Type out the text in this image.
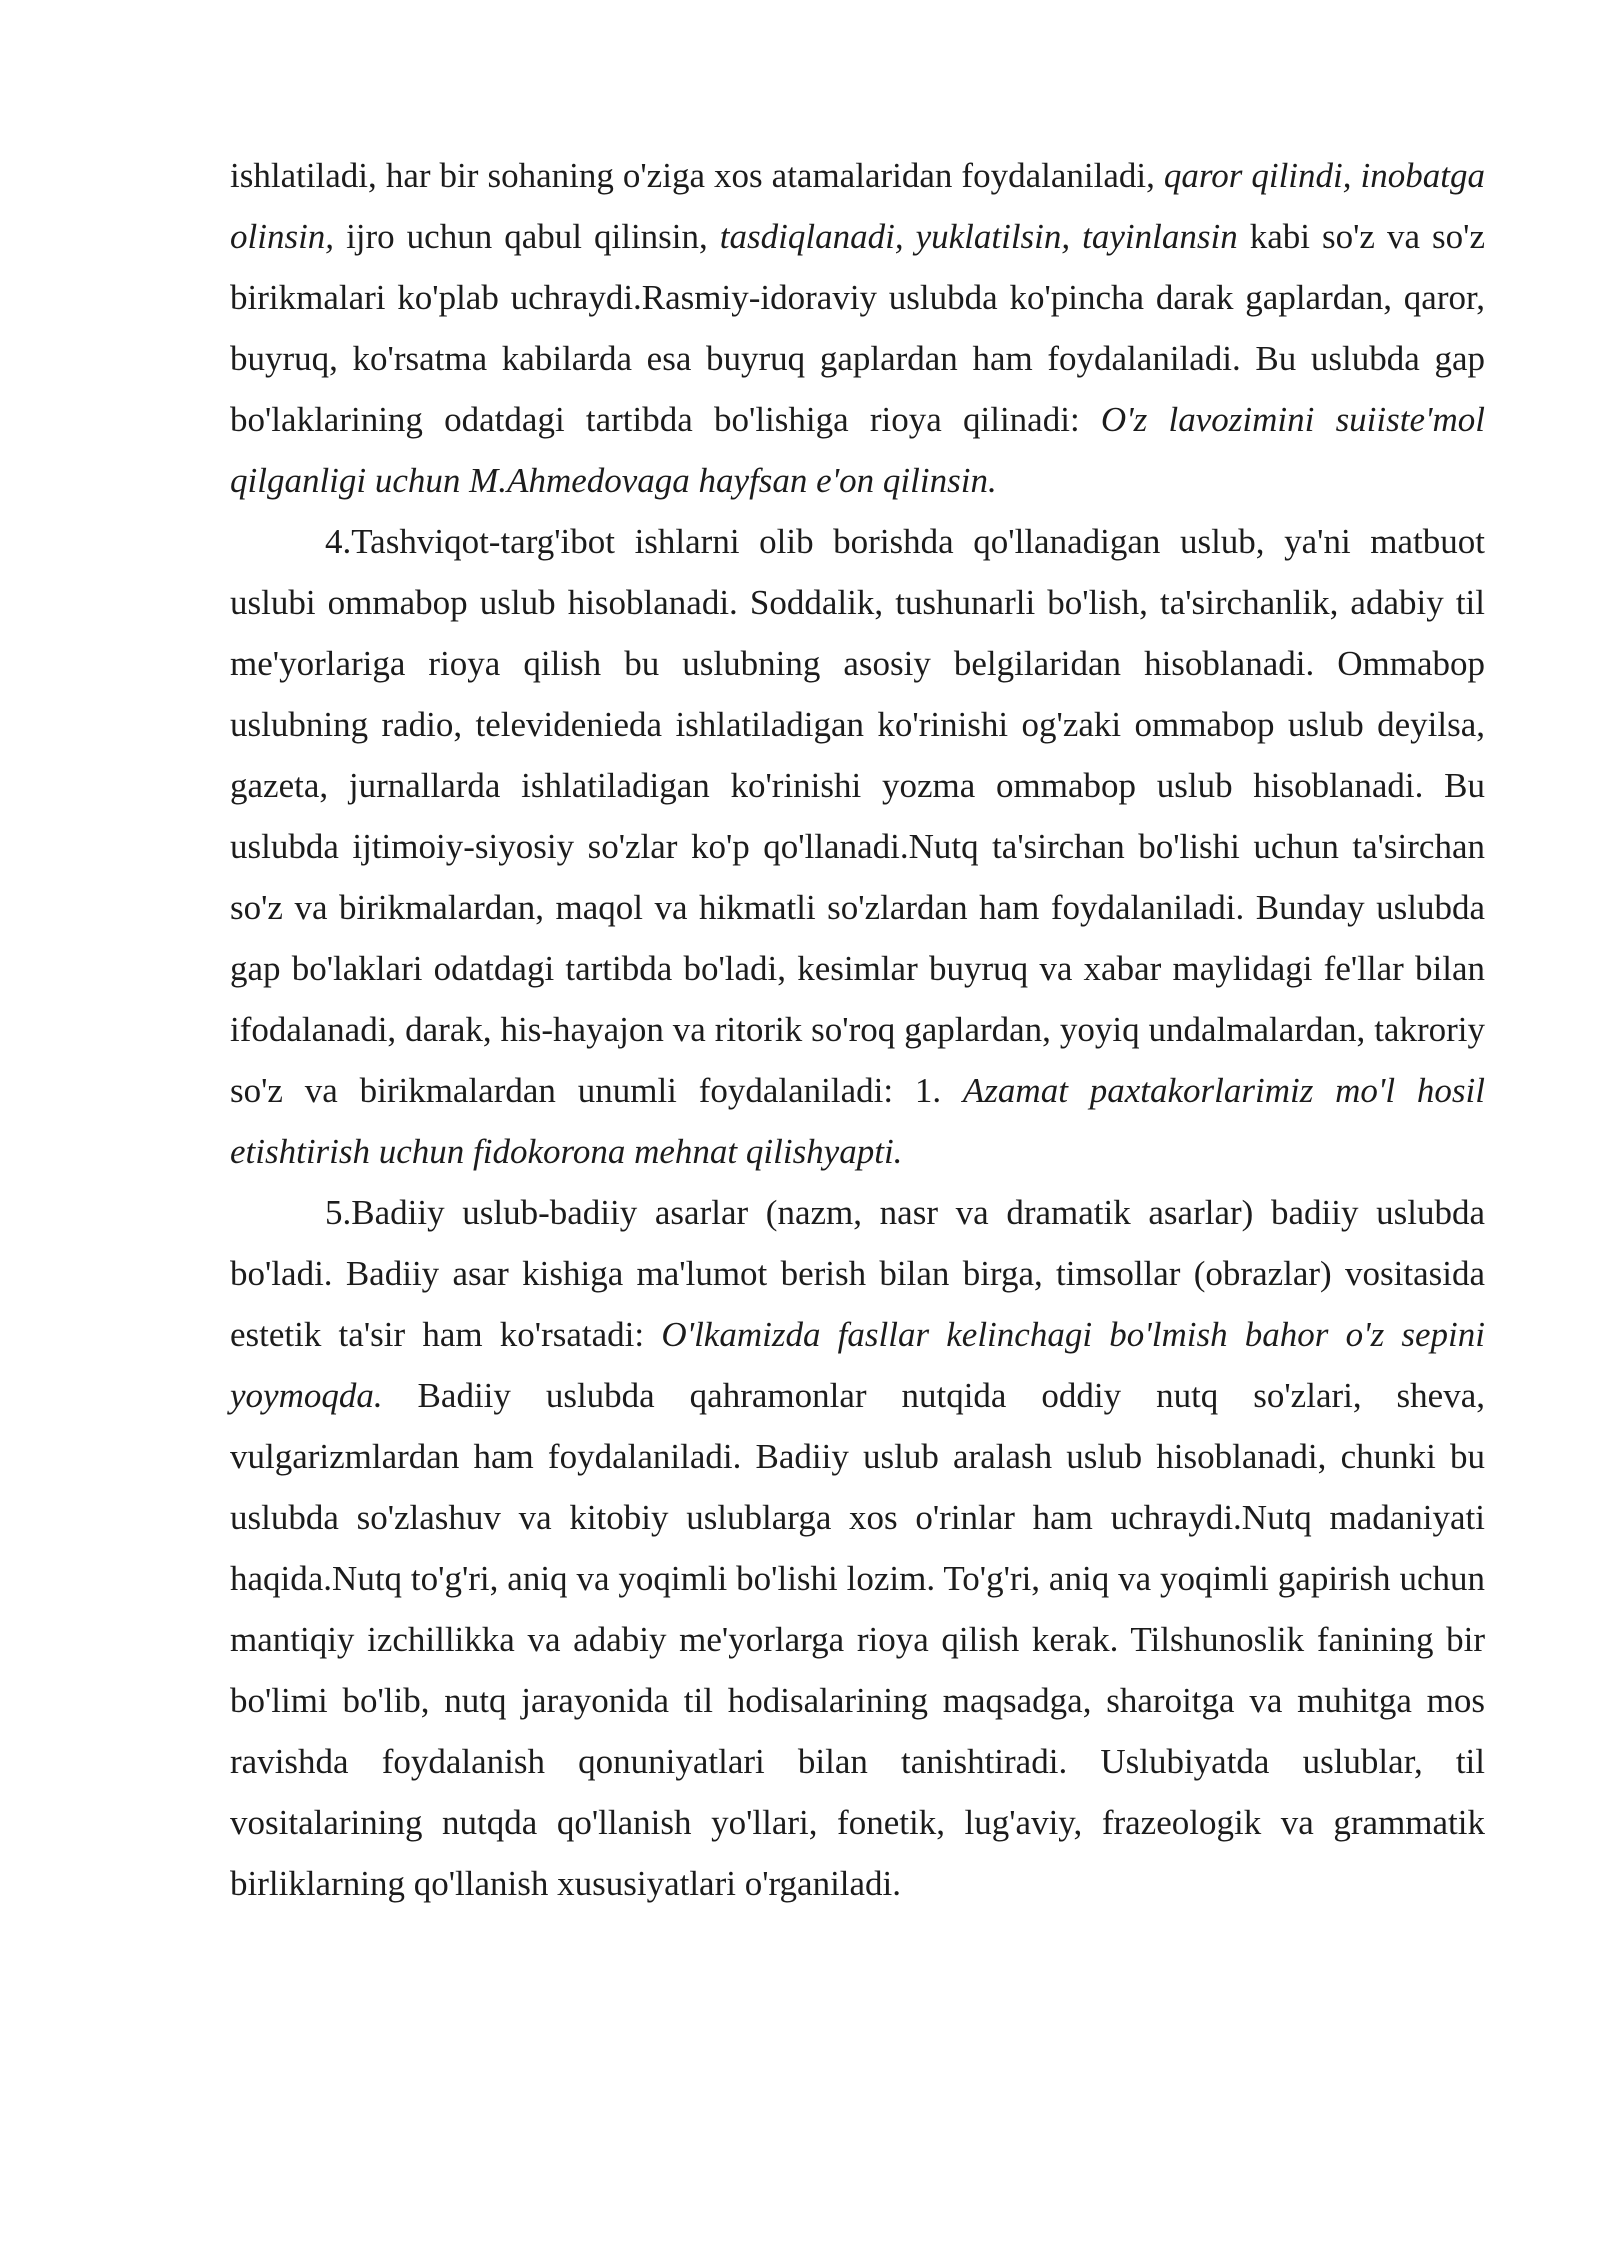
ishlatiladi, har bir sohaning o'ziga xos atamalaridan foydalaniladi, qaror qilindi, inobatga olinsin, ijro uchun qabul qilinsin, tasdiqlanadi, yuklatilsin, tayinlansin kabi so'z va so'z birikmalari ko'plab uchraydi.Rasmiy-idoraviy uslubda ko'pincha darak gaplardan, qaror, buyruq, ko'rsatma kabilarda esa buyruq gaplardan ham foydalaniladi. Bu uslubda gap bo'laklarining odatdagi tartibda bo'lishiga rioya qilinadi: O'z lavozimini suiiste'mol qilganligi uchun M.Ahmedovaga hayfsan e'on qilinsin.

4.Tashviqot-targ'ibot ishlarni olib borishda qo'llanadigan uslub, ya'ni matbuot uslubi ommabop uslub hisoblanadi. Soddalik, tushunarli bo'lish, ta'sirchanlik, adabiy til me'yorlariga rioya qilish bu uslubning asosiy belgilaridan hisoblanadi. Ommabop uslubning radio, televidenieda ishlatiladigan ko'rinishi og'zaki ommabop uslub deyilsa, gazeta, jurnallarda ishlatiladigan ko'rinishi yozma ommabop uslub hisoblanadi. Bu uslubda ijtimoiy-siyosiy so'zlar ko'p qo'llanadi.Nutq ta'sirchan bo'lishi uchun ta'sirchan so'z va birikmalardan, maqol va hikmatli so'zlardan ham foydalaniladi. Bunday uslubda gap bo'laklari odatdagi tartibda bo'ladi, kesimlar buyruq va xabar maylidagi fe'llar bilan ifodalanadi, darak, his-hayajon va ritorik so'roq gaplardan, yoyiq undalmalardan, takroriy so'z va birikmalardan unumli foydalaniladi: 1. Azamat paxtakorlarimiz mo'l hosil etishtirish uchun fidokorona mehnat qilishyapti.

5.Badiiy uslub-badiiy asarlar (nazm, nasr va dramatik asarlar) badiiy uslubda bo'ladi. Badiiy asar kishiga ma'lumot berish bilan birga, timsollar (obrazlar) vositasida estetik ta'sir ham ko'rsatadi: O'lkamizda fasllar kelinchagi bo'lmish bahor o'z sepini yoymoqda. Badiiy uslubda qahramonlar nutqida oddiy nutq so'zlari, sheva, vulgarizmlardan ham foydalaniladi. Badiiy uslub aralash uslub hisoblanadi, chunki bu uslubda so'zlashuv va kitobiy uslublarga xos o'rinlar ham uchraydi.Nutq madaniyati haqida.Nutq to'g'ri, aniq va yoqimli bo'lishi lozim. To'g'ri, aniq va yoqimli gapirish uchun mantiqiy izchillikka va adabiy me'yorlarga rioya qilish kerak. Tilshunoslik fanining bir bo'limi bo'lib, nutq jarayonida til hodisalarining maqsadga, sharoitga va muhitga mos ravishda foydalanish qonuniyatlari bilan tanishtiradi. Uslubiyatda uslublar, til vositalarining nutqda qo'llanish yo'llari, fonetik, lug'aviy, frazeologik va grammatik birliklarning qo'llanish xususiyatlari o'rganiladi.
